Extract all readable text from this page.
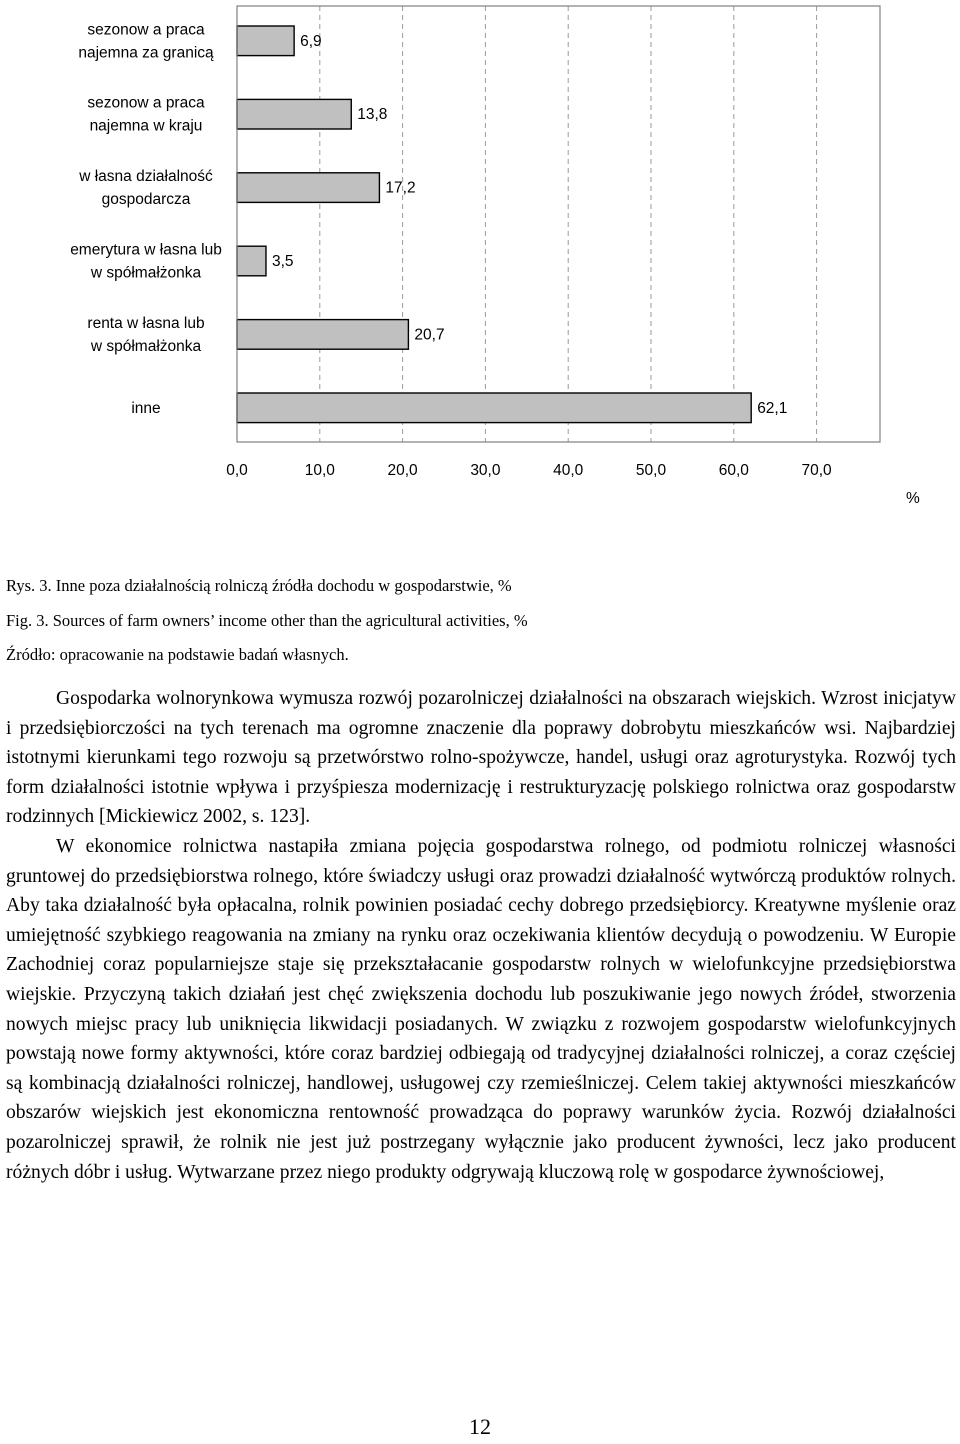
sezonow a praca
najemna za granicą
sezonow a praca
najemna w kraju
w łasna działalność
gospodarcza
emerytura w łasna lub
w spółmałżonka
renta w łasna lub
w spółmałżonka
inne
6,9
13,8
17,2
3,5
20,7
62,1
0,0	10,0	20,0	30,0	40,0	50,0	60,0	70,0
%

Rys. 3. Inne poza działalnością rolniczą źródła dochodu w gospodarstwie, %

Fig. 3. Sources of farm owners’ income other than the agricultural activities, %

Źródło: opracowanie na podstawie badań własnych.

Gospodarka wolnorynkowa wymusza rozwój pozarolniczej działalności na obszarach wiejskich. Wzrost inicjatyw i przedsiębiorczości na tych terenach ma ogromne znaczenie dla poprawy dobrobytu mieszkańców wsi. Najbardziej istotnymi kierunkami tego rozwoju są przetwórstwo rolno-spożywcze, handel, usługi oraz agroturystyka. Rozwój tych form działalności istotnie wpływa i przyśpiesza modernizację i restrukturyzację polskiego rolnictwa oraz gospodarstw rodzinnych [Mickiewicz 2002, s. 123].

W ekonomice rolnictwa nastapiła zmiana pojęcia gospodarstwa rolnego, od podmiotu rolniczej własności gruntowej do przedsiębiorstwa rolnego, które świadczy usługi oraz prowadzi działalność wytwórczą produktów rolnych. Aby taka działalność była opłacalna, rolnik powinien posiadać cechy dobrego przedsiębiorcy. Kreatywne myślenie oraz umiejętność szybkiego reagowania na zmiany na rynku oraz oczekiwania klientów decydują o powodzeniu. W Europie Zachodniej coraz popularniejsze staje się przekształacanie gospodarstw rolnych w wielofunkcyjne przedsiębiorstwa wiejskie. Przyczyną takich działań jest chęć zwiększenia dochodu lub poszukiwanie jego nowych źródeł, stworzenia nowych miejsc pracy lub uniknięcia likwidacji posiadanych. W związku z rozwojem gospodarstw wielofunkcyjnych powstają nowe formy aktywności, które coraz bardziej odbiegają od tradycyjnej działalności rolniczej, a coraz częściej są kombinacją działalności rolniczej, handlowej, usługowej czy rzemieślniczej. Celem takiej aktywności mieszkańców obszarów wiejskich jest ekonomiczna rentowność prowadząca do poprawy warunków życia. Rozwój działalności pozarolniczej sprawił, że rolnik nie jest już postrzegany wyłącznie jako producent żywności, lecz jako producent różnych dóbr i usług. Wytwarzane przez niego produkty odgrywają kluczową rolę w gospodarce żywnościowej,

12
